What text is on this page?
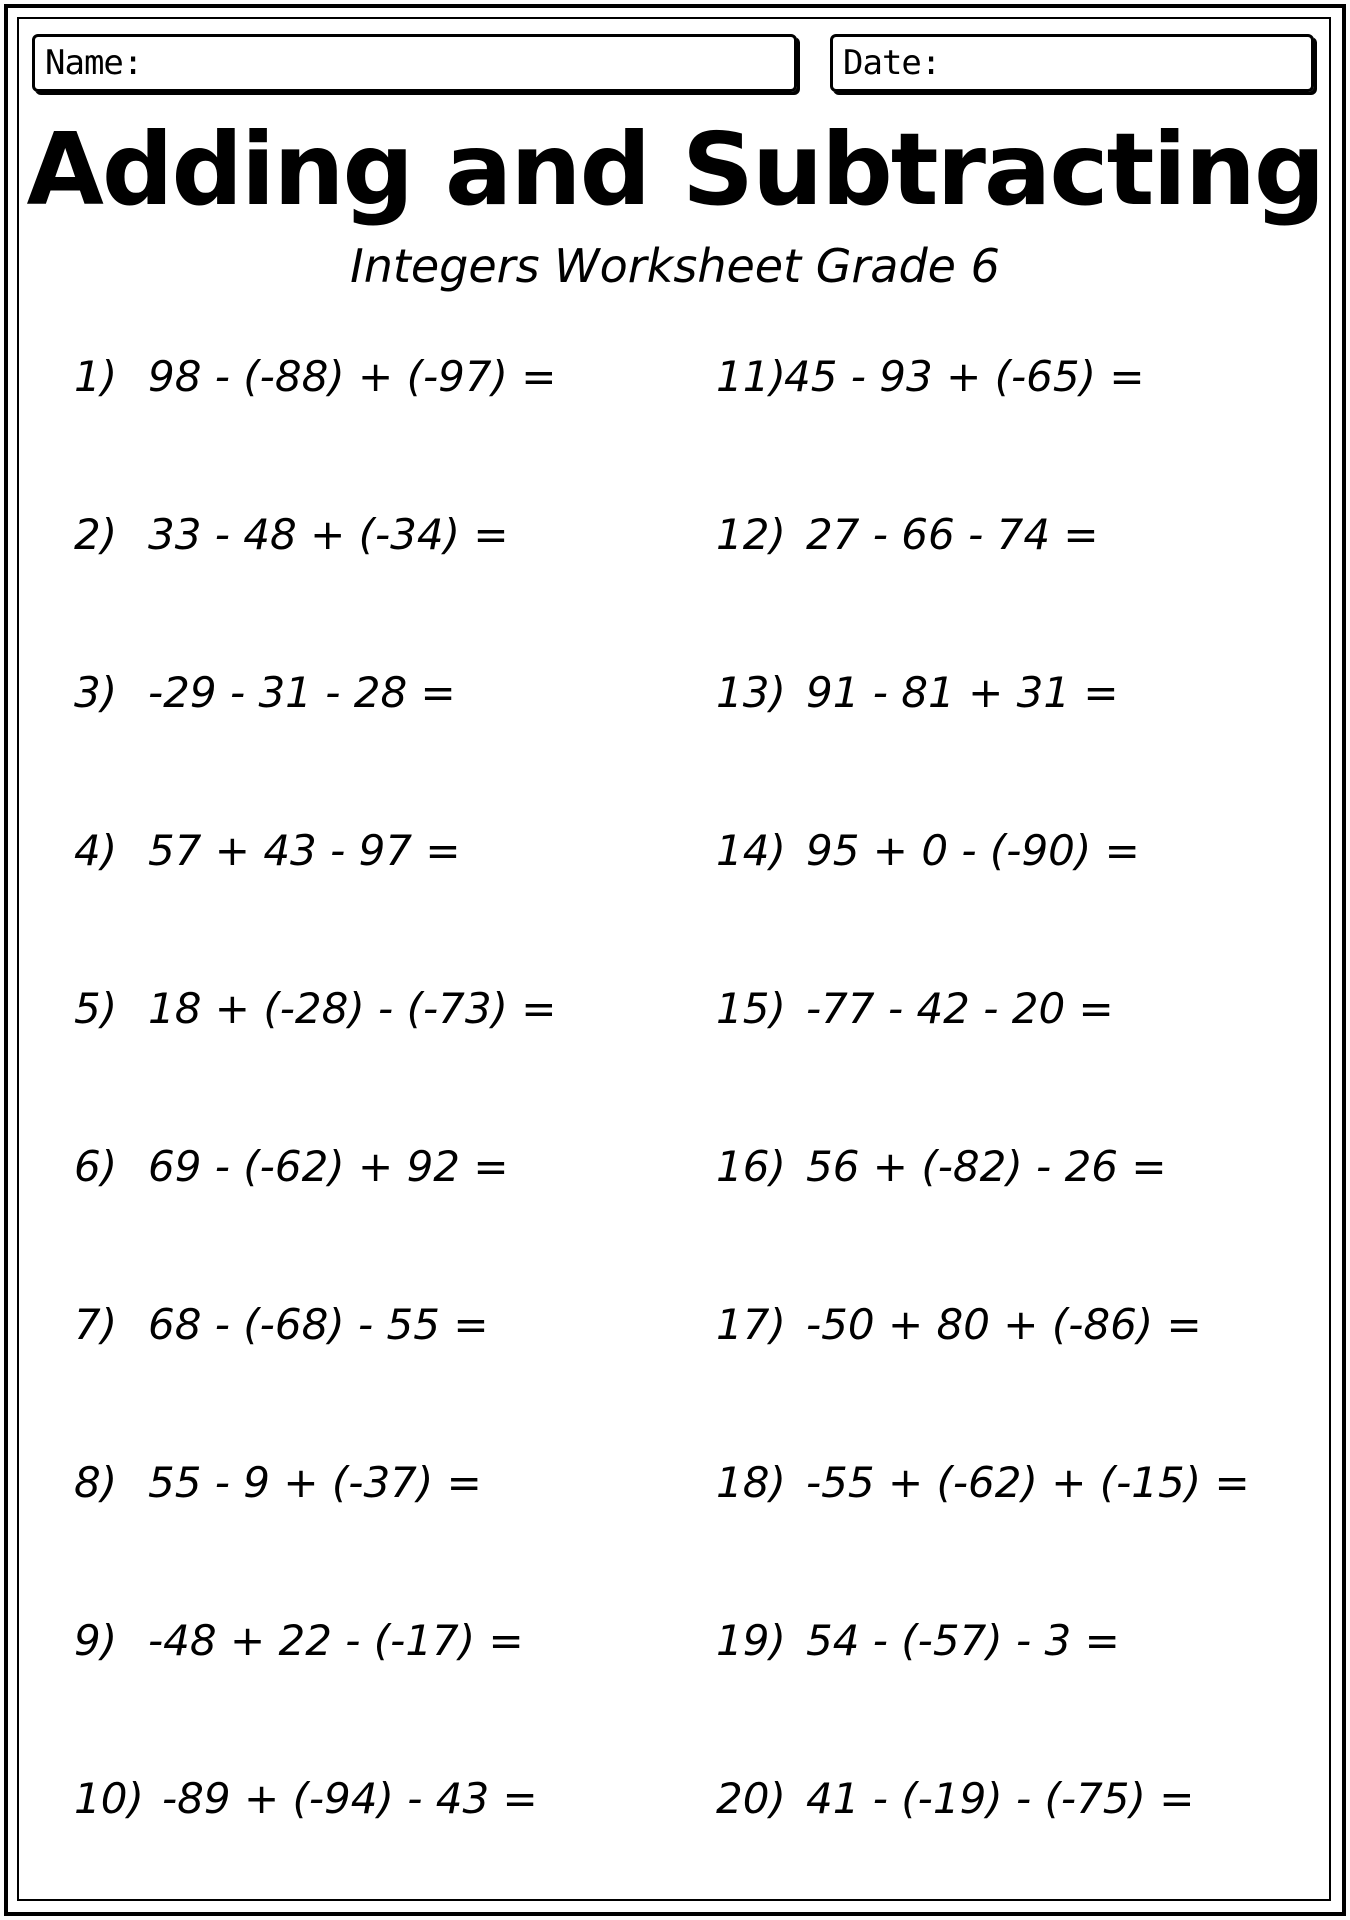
Name:	Date:
Adding and Subtracting
Integers Worksheet Grade 6
1) 98 - (-88) + (-97) =
2) 33 - 48 + (-34) =
3) -29 - 31 - 28 =
4) 57 + 43 - 97 =
5) 18 + (-28) - (-73) =
6) 69 - (-62) + 92 =
7) 68 - (-68) - 55 =
8) 55 - 9 + (-37) =
9) -48 + 22 - (-17) =
10) -89 + (-94) - 43 =
11)
45 - 93 + (-65) =
12) 27 - 66 - 74 =
13) 91 - 81 + 31 =
14) 95 + 0 - (-90) =
15) -77 - 42 - 20 =
16) 56 + (-82) - 26 =
17) -50 + 80 + (-86) =
18) -55 + (-62) + (-15) =
19) 54 - (-57) - 3 =
20) 41 - (-19) - (-75) =
